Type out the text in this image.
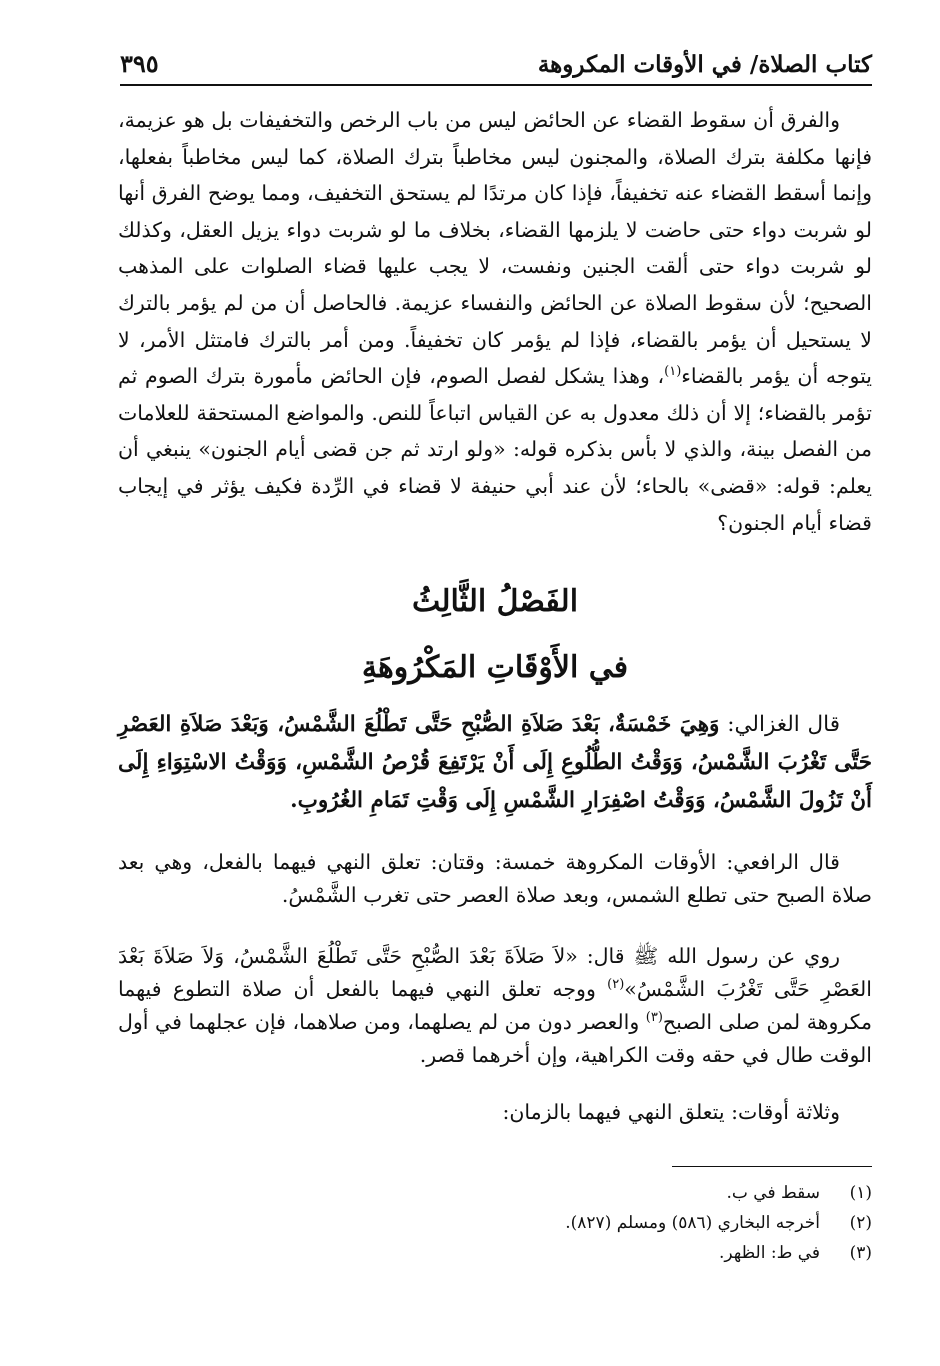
كتاب الصلاة/ في الأوقات المكروهة
٣٩٥

والفرق أن سقوط القضاء عن الحائض ليس من باب الرخص والتخفيفات بل هو عزيمة، فإنها مكلفة بترك الصلاة، والمجنون ليس مخاطباً بترك الصلاة، كما ليس مخاطباً بفعلها، وإنما أسقط القضاء عنه تخفيفاً، فإذا كان مرتدًا لم يستحق التخفيف، ومما يوضح الفرق أنها لو شربت دواء حتى حاضت لا يلزمها القضاء، بخلاف ما لو شربت دواء يزيل العقل، وكذلك لو شربت دواء حتى ألقت الجنين ونفست، لا يجب عليها قضاء الصلوات على المذهب الصحيح؛ لأن سقوط الصلاة عن الحائض والنفساء عزيمة. فالحاصل أن من لم يؤمر بالترك لا يستحيل أن يؤمر بالقضاء، فإذا لم يؤمر كان تخفيفاً. ومن أمر بالترك فامتثل الأمر، لا يتوجه أن يؤمر بالقضاء$^{(١)}$، وهذا يشكل لفصل الصوم، فإن الحائض مأمورة بترك الصوم ثم تؤمر بالقضاء؛ إلا أن ذلك معدول به عن القياس اتباعاً للنص. والمواضع المستحقة للعلامات من الفصل بينة، والذي لا بأس بذكره قوله: «ولو ارتد ثم جن قضى أيام الجنون» ينبغي أن يعلم: قوله: «قضى» بالحاء؛ لأن عند أبي حنيفة لا قضاء في الرِّدة فكيف يؤثر في إيجاب قضاء أيام الجنون؟

الفَصْلُ الثَّالِثُ
في الأَوْقَاتِ المَكْرُوهَةِ

قال الغزالي: وَهِيَ خَمْسَةٌ، بَعْدَ صَلاَةِ الصُّبْحِ حَتَّى تَطْلُعَ الشَّمْسُ، وَبَعْدَ صَلاَةِ العَصْرِ حَتَّى تَغْرُبَ الشَّمْسُ، وَوَقْتُ الطُّلُوعِ إِلَى أَنْ يَرْتَفِعَ قُرْصُ الشَّمْسِ، وَوَقْتُ الاسْتِوَاءِ إِلَى أَنْ تَزُولَ الشَّمْسُ، وَوَقْتُ اصْفِرَارِ الشَّمْسِ إِلَى وَقْتِ تَمَامِ الغُرُوبِ.

قال الرافعي: الأوقات المكروهة خمسة: وقتان: تعلق النهي فيهما بالفعل، وهي بعد صلاة الصبح حتى تطلع الشمس، وبعد صلاة العصر حتى تغرب الشَّمْسُ.

روي عن رسول الله ﷺ قال: «لاَ صَلاَةَ بَعْدَ الصُّبْحِ حَتَّى تَطْلُعَ الشَّمْسُ، وَلاَ صَلاَةَ بَعْدَ العَصْرِ حَتَّى تَغْرُبَ الشَّمْسُ»$^{(٢)}$ ووجه تعلق النهي فيهما بالفعل أن صلاة التطوع فيهما مكروهة لمن صلى الصبح$^{(٣)}$ والعصر دون من لم يصلهما، ومن صلاهما، فإن عجلهما في أول الوقت طال في حقه وقت الكراهية، وإن أخرهما قصر.

وثلاثة أوقات: يتعلق النهي فيهما بالزمان:

(١)
سقط في ب.
(٢)
أخرجه البخاري (٥٨٦) ومسلم (٨٢٧).
(٣)
في ط: الظهر.
